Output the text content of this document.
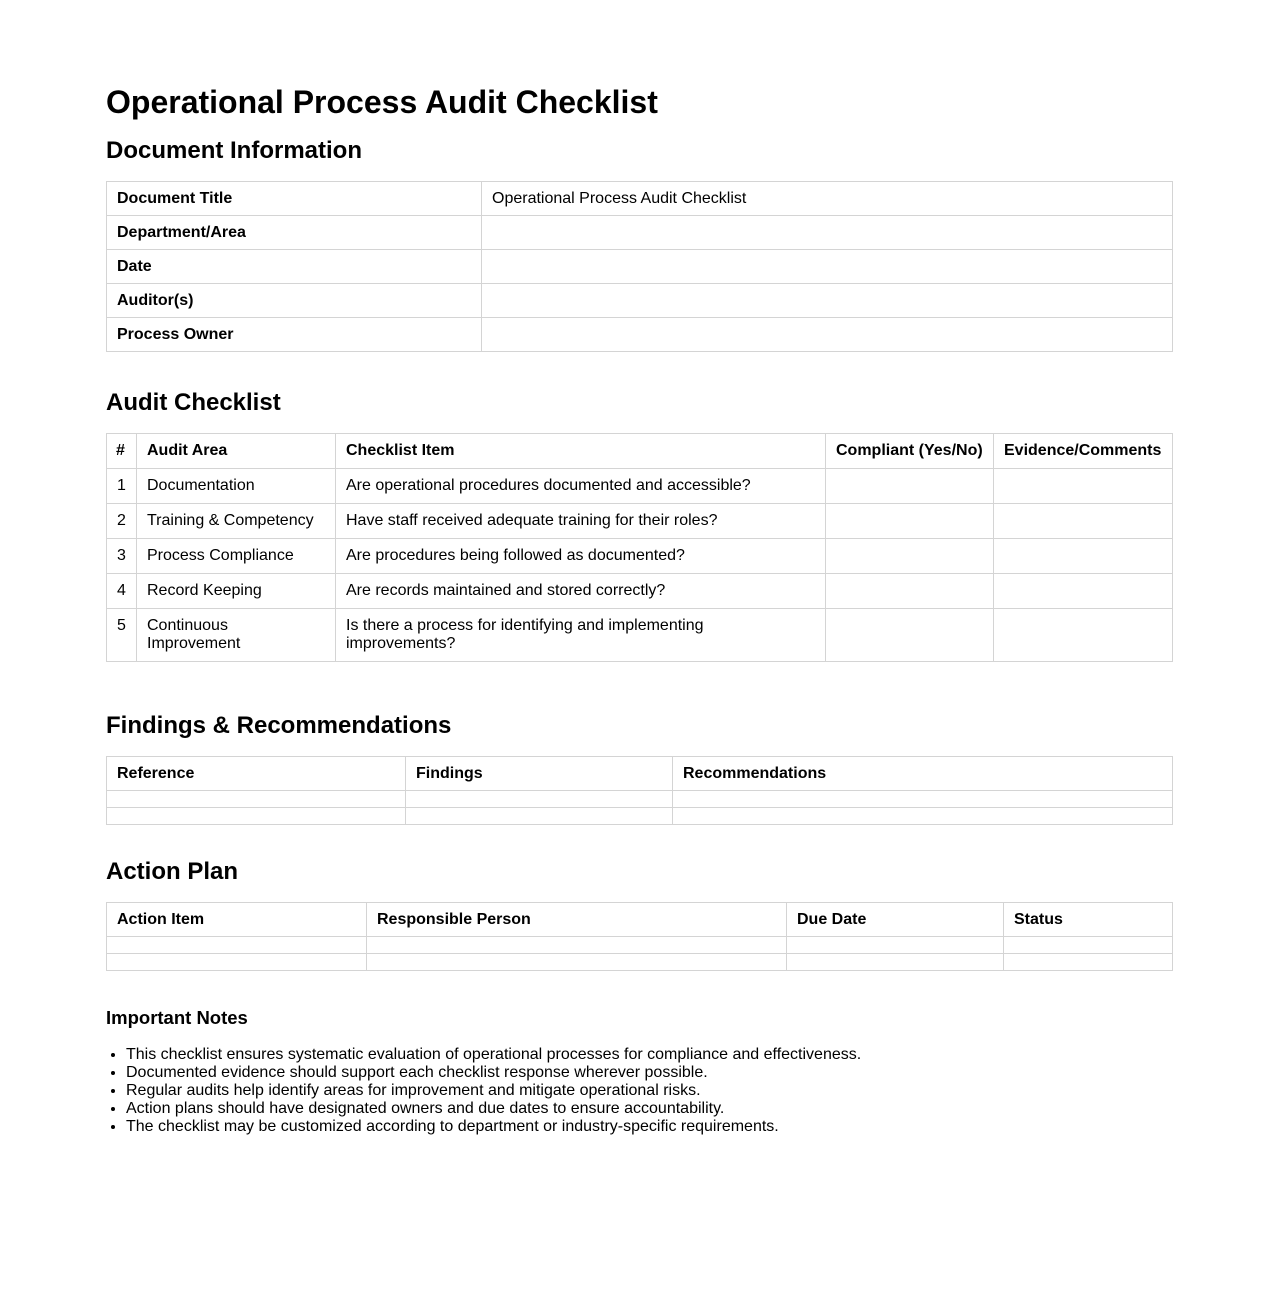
Operational Process Audit Checklist
Document Information
Document Title	Operational Process Audit Checklist
Department/Area	
Date	
Auditor(s)	
Process Owner	
Audit Checklist
#	Audit Area	Checklist Item	Compliant (Yes/No)	Evidence/Comments
1	Documentation	Are operational procedures documented and accessible?		
2	Training & Competency	Have staff received adequate training for their roles?		
3	Process Compliance	Are procedures being followed as documented?		
4	Record Keeping	Are records maintained and stored correctly?		
5	Continuous Improvement	Is there a process for identifying and implementing improvements?		
Findings & Recommendations
Reference	Findings	Recommendations

Action Plan
Action Item	Responsible Person	Due Date	Status

Important Notes
• This checklist ensures systematic evaluation of operational processes for compliance and effectiveness.
• Documented evidence should support each checklist response wherever possible.
• Regular audits help identify areas for improvement and mitigate operational risks.
• Action plans should have designated owners and due dates to ensure accountability.
• The checklist may be customized according to department or industry-specific requirements.
